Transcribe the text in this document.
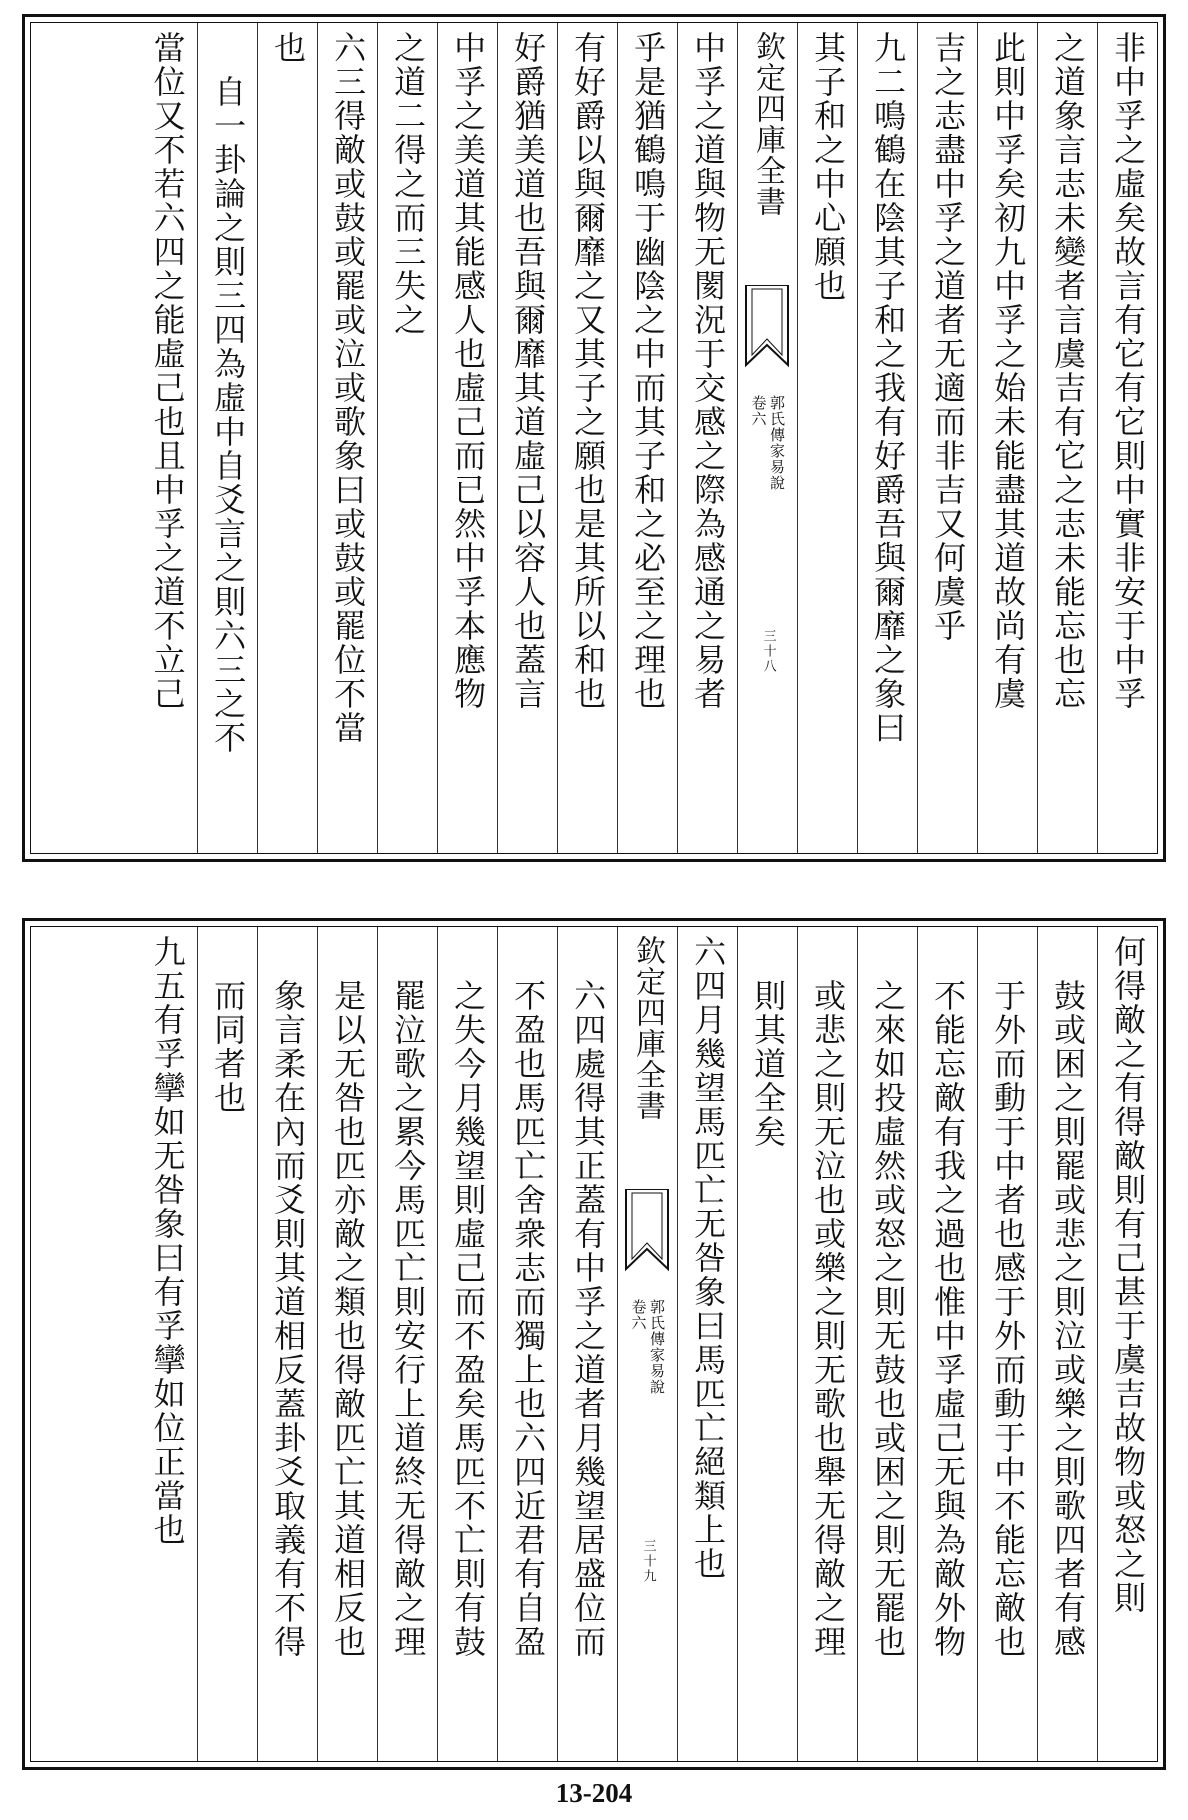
非中孚之虛矣故言有它有它則中實非安于中孚
之道象言志未變者言虞吉有它之志未能忘也忘
此則中孚矣初九中孚之始未能盡其道故尚有虞
吉之志盡中孚之道者无適而非吉又何虞乎
九二鳴鶴在陰其子和之我有好爵吾與爾靡之象曰
其子和之中心願也
欽定四庫全書
郭氏傳家易說
卷六
三十八
中孚之道與物无閡況于交感之際為感通之易者
乎是猶鶴鳴于幽陰之中而其子和之必至之理也
有好爵以與爾靡之又其子之願也是其所以和也
好爵猶美道也吾與爾靡其道虛己以容人也蓋言
中孚之美道其能感人也虛己而已然中孚本應物
之道二得之而三失之
六三得敵或鼓或罷或泣或歌象曰或鼓或罷位不當
也
自一卦論之則三四為虛中自爻言之則六三之不
當位又不若六四之能虛己也且中孚之道不立己
何得敵之有得敵則有己甚于虞吉故物或怒之則
鼓或困之則罷或悲之則泣或樂之則歌四者有感
于外而動于中者也感于外而動于中不能忘敵也
不能忘敵有我之過也惟中孚虛己无與為敵外物
之來如投虛然或怒之則无鼓也或困之則无罷也
或悲之則无泣也或樂之則无歌也舉无得敵之理
則其道全矣
六四月幾望馬匹亡无咎象曰馬匹亡絕類上也
欽定四庫全書
郭氏傳家易說
卷六
三十九
六四處得其正蓋有中孚之道者月幾望居盛位而
不盈也馬匹亡舍衆志而獨上也六四近君有自盈
之失今月幾望則虛己而不盈矣馬匹不亡則有鼓
罷泣歌之累今馬匹亡則安行上道終无得敵之理
是以无咎也匹亦敵之類也得敵匹亡其道相反也
象言柔在內而爻則其道相反蓋卦爻取義有不得
而同者也
九五有孚攣如无咎象曰有孚攣如位正當也
13-204
